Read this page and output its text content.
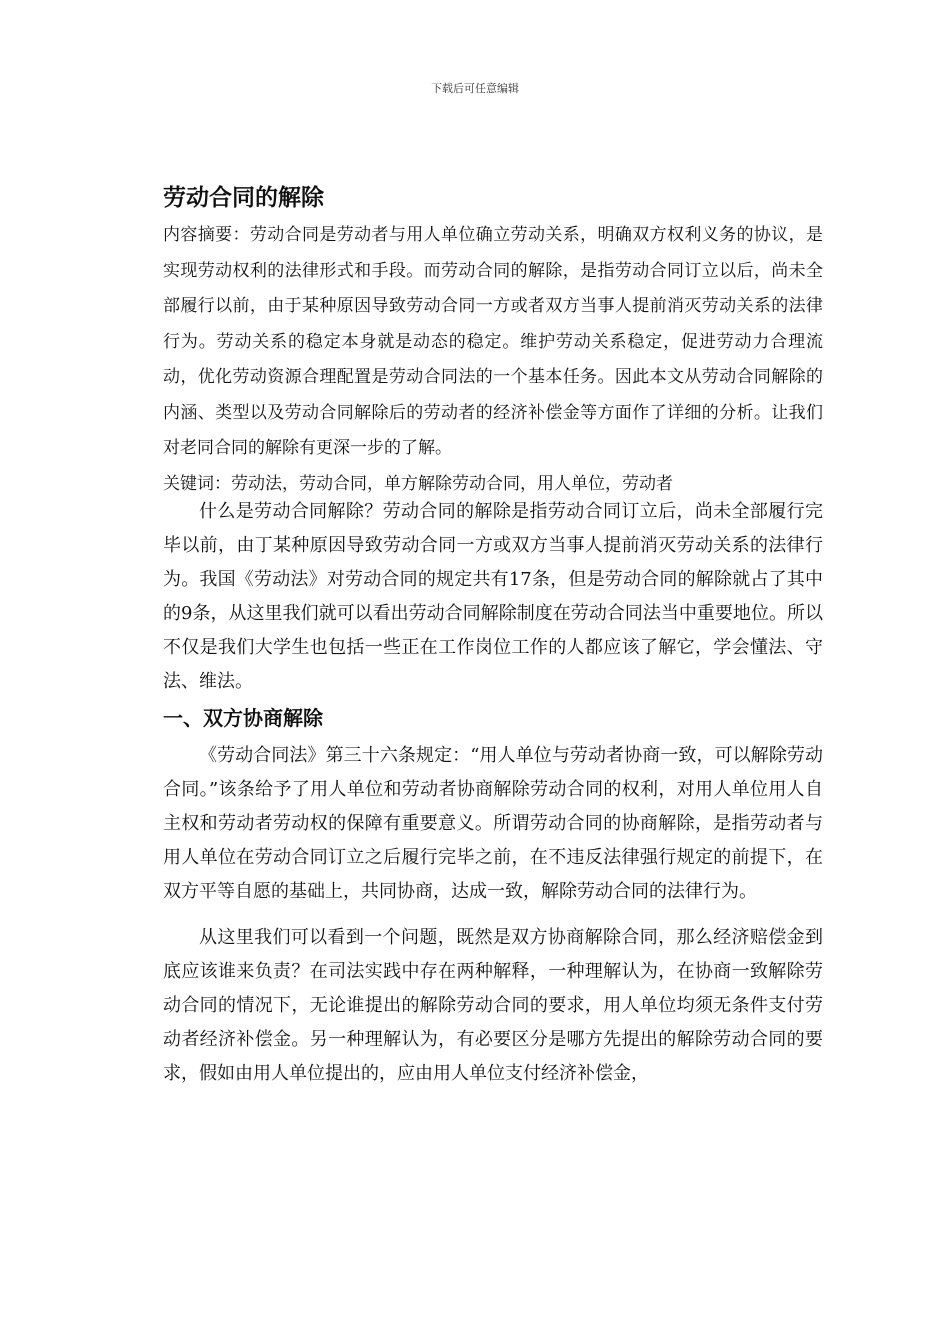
下载后可任意编辑
劳动合同的解除

内容摘要：劳动合同是劳动者与用人单位确立劳动关系，明确双方权利义务的协议，是实现劳动权利的法律形式和手段。而劳动合同的解除，是指劳动合同订立以后，尚未全部履行以前，由于某种原因导致劳动合同一方或者双方当事人提前消灭劳动关系的法律行为。劳动关系的稳定本身就是动态的稳定。维护劳动关系稳定，促进劳动力合理流动，优化劳动资源合理配置是劳动合同法的一个基本任务。因此本文从劳动合同解除的内涵、类型以及劳动合同解除后的劳动者的经济补偿金等方面作了详细的分析。让我们对老同合同的解除有更深一步的了解。

关键词：劳动法，劳动合同，单方解除劳动合同，用人单位，劳动者

什么是劳动合同解除？劳动合同的解除是指劳动合同订立后，尚未全部履行完毕以前，由丁某种原因导致劳动合同一方或双方当事人提前消灭劳动关系的法律行为。我国《劳动法》对劳动合同的规定共有17条，但是劳动合同的解除就占了其中的9条，从这里我们就可以看出劳动合同解除制度在劳动合同法当中重要地位。所以不仅是我们大学生也包括一些正在工作岗位工作的人都应该了解它，学会懂法、守法、维法。

一、双方协商解除

《劳动合同法》第三十六条规定：“用人单位与劳动者协商一致，可以解除劳动合同。”该条给予了用人单位和劳动者协商解除劳动合同的权利，对用人单位用人自主权和劳动者劳动权的保障有重要意义。所谓劳动合同的协商解除，是指劳动者与用人单位在劳动合同订立之后履行完毕之前，在不违反法律强行规定的前提下，在双方平等自愿的基础上，共同协商，达成一致，解除劳动合同的法律行为。

从这里我们可以看到一个问题，既然是双方协商解除合同，那么经济赔偿金到底应该谁来负责？在司法实践中存在两种解释，一种理解认为，在协商一致解除劳动合同的情况下，无论谁提出的解除劳动合同的要求，用人单位均须无条件支付劳动者经济补偿金。另一种理解认为，有必要区分是哪方先提出的解除劳动合同的要求，假如由用人单位提出的，应由用人单位支付经济补偿金，
